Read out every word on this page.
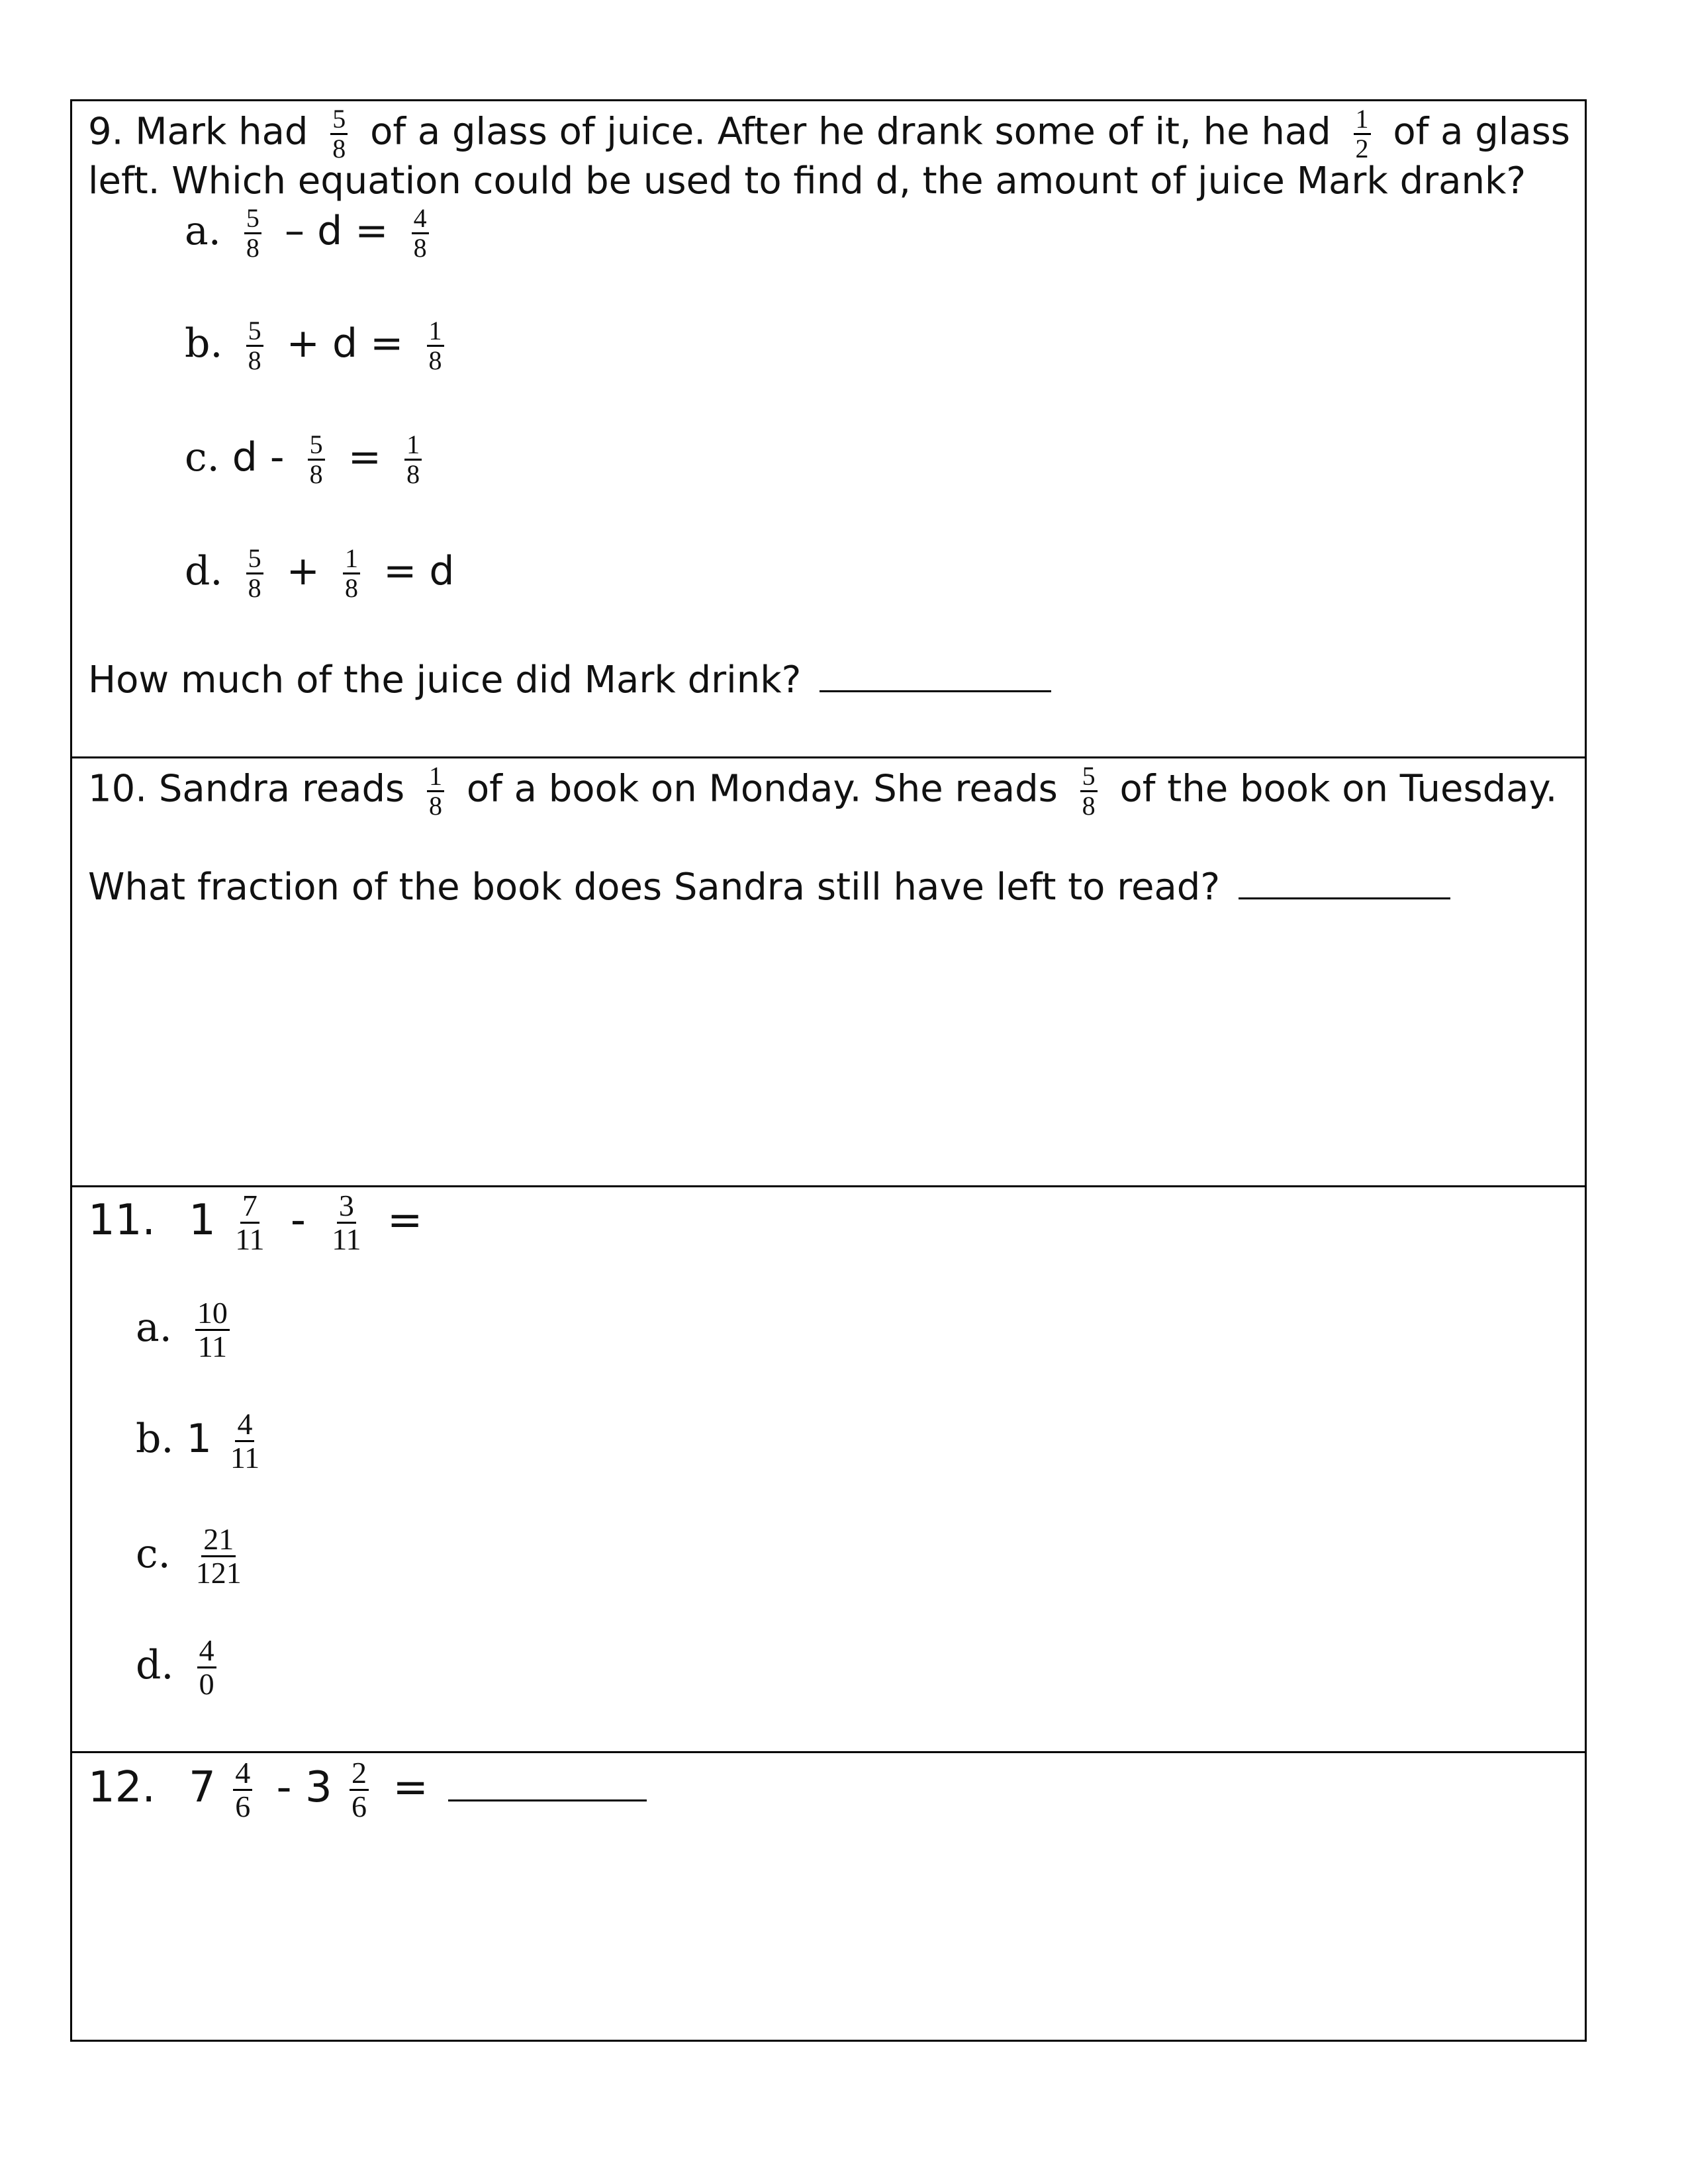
9. Mark had $\frac{5}{8}$ of a glass of juice. After he drank some of it, he had $\frac{1}{2}$ of a glass
left. Which equation could be used to find d, the amount of juice Mark drank?
a. $\frac{5}{8} - d = \frac{4}{8}$
b. $\frac{5}{8} + d = \frac{1}{8}$
c. $d - \frac{5}{8} = \frac{1}{8}$
d. $\frac{5}{8} + \frac{1}{8} = d$
How much of the juice did Mark drink?
10. Sandra reads $\frac{1}{8}$ of a book on Monday. She reads $\frac{5}{8}$ of the book on Tuesday.
What fraction of the book does Sandra still have left to read?
11. $1 \frac{7}{11} - \frac{3}{11}$ =
a. $\frac{10}{11}$
b. $1 \frac{4}{11}$
c. $\frac{21}{121}$
d. $\frac{4}{0}$
12. $7 \frac{4}{6} - 3 \frac{2}{6}$ =
